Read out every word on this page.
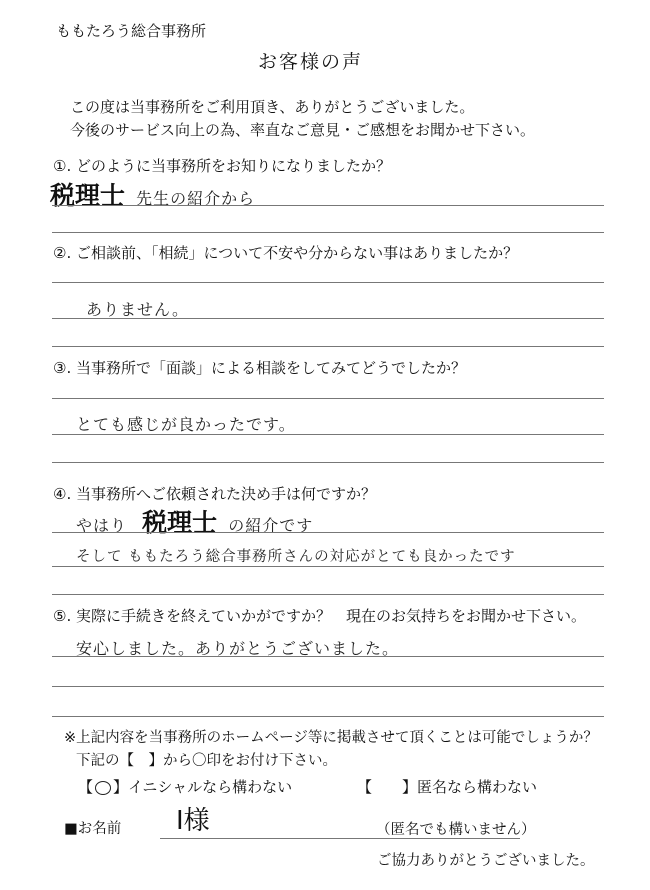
ももたろう総合事務所
お客様の声
この度は当事務所をご利用頂き、ありがとうございました。
今後のサービス向上の為、率直なご意見・ご感想をお聞かせ下さい。
①. どのように当事務所をお知りになりましたか？
税理士 先生の紹介から
②. ご相談前、「相続」について不安や分からない事はありましたか？
ありません。
③. 当事務所で「面談」による相談をしてみてどうでしたか？
とても感じが良かったです。
④. 当事務所へご依頼された決め手は何ですか？
やはり 税理士 の紹介です
そして ももたろう総合事務所さんの対応がとても良かったです
⑤. 実際に手続きを終えていかがですか？　現在のお気持ちをお聞かせ下さい。
安心しました。ありがとうございました。
※上記内容を当事務所のホームページ等に掲載させて頂くことは可能でしょうか？
下記の【　】から〇印をお付け下さい。
【 ○ 】イニシャルなら構わない	【　　】匿名なら構わない
■お名前 I様	（匿名でも構いません）
ご協力ありがとうございました。
